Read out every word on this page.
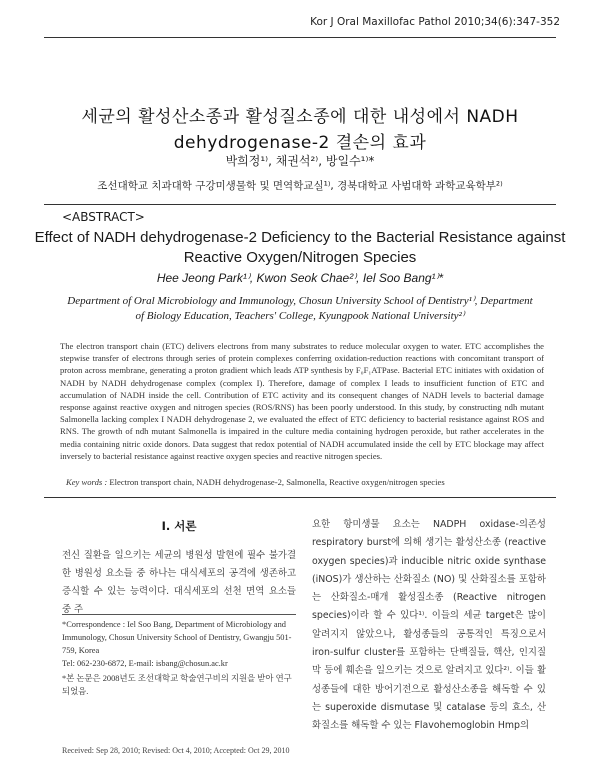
Kor J Oral Maxillofac Pathol 2010;34(6):347-352
세균의 활성산소종과 활성질소종에 대한 내성에서 NADH
dehydrogenase-2 결손의 효과
박희정¹⁾, 채권석²⁾, 방일수¹⁾*
조선대학교 치과대학 구강미생물학 및 면역학교실¹⁾, 경북대학교 사범대학 과학교육학부²⁾
<ABSTRACT>
Effect of NADH dehydrogenase-2 Deficiency to the Bacterial Resistance against
Reactive Oxygen/Nitrogen Species
Hee Jeong Park¹⁾, Kwon Seok Chae²⁾, Iel Soo Bang¹⁾*
Department of Oral Microbiology and Immunology, Chosun University School of Dentistry¹⁾, Department
of Biology Education, Teachers' College, Kyungpook National University²⁾
The electron transport chain (ETC) delivers electrons from many substrates to reduce molecular oxygen to water. ETC accomplishes the stepwise transfer of electrons through series of protein complexes conferring oxidation-reduction reactions with concomitant transport of proton across membrane, generating a proton gradient which leads ATP synthesis by F₀F₁ATPase. Bacterial ETC initiates with oxidation of NADH by NADH dehydrogenase complex (complex I). Therefore, damage of complex I leads to insufficient function of ETC and accumulation of NADH inside the cell. Contribution of ETC activity and its consequent changes of NADH levels to bacterial damage response against reactive oxygen and nitrogen species (ROS/RNS) has been poorly understood. In this study, by constructing ndh mutant Salmonella lacking complex I NADH dehydrogenase 2, we evaluated the effect of ETC deficiency to bacterial resistance against ROS and RNS. The growth of ndh mutant Salmonella is impaired in the culture media containing hydrogen peroxide, but rather accelerates in the media containing nitric oxide donors. Data suggest that redox potential of NADH accumulated inside the cell by ETC blockage may affect inversely to bacterial resistance against reactive oxygen species and reactive nitrogen species.
Key words : Electron transport chain, NADH dehydrogenase-2, Salmonella, Reactive oxygen/nitrogen species
I. 서론
전신 질환을 일으키는 세균의 병원성 발현에 필수 불가결한 병원성 요소들 중 하나는 대식세포의 공격에 생존하고 증식할 수 있는 능력이다. 대식세포의 선천 면역 요소들 중 주
*Correspondence : Iel Soo Bang, Department of Microbiology and Immunology, Chosun University School of Dentistry, Gwangju 501-759, Korea
Tel: 062-230-6872, E-mail: isbang@chosun.ac.kr
*본 논문은 2008년도 조선대학교 학술연구비의 지원을 받아 연구되었음.
Received: Sep 28, 2010; Revised: Oct 4, 2010; Accepted: Oct 29, 2010
요한 항미생물 요소는 NADPH oxidase-의존성 respiratory burst에 의해 생기는 활성산소종 (reactive oxygen species)과 inducible nitric oxide synthase (iNOS)가 생산하는 산화질소 (NO) 및 산화질소를 포함하는 산화질소-매개 활성질소종 (Reactive nitrogen species)이라 할 수 있다¹⁾. 이들의 세균 target은 많이 알려지지 않았으나, 활성종들의 공통적인 특징으로서 iron-sulfur cluster를 포함하는 단백질들, 핵산, 인지질막 등에 훼손을 일으키는 것으로 알려지고 있다²⁾. 이들 활성종들에 대한 방어기전으로 활성산소종을 해독할 수 있는 superoxide dismutase 및 catalase 등의 효소, 산화질소를 해독할 수 있는 Flavohemoglobin Hmp의
